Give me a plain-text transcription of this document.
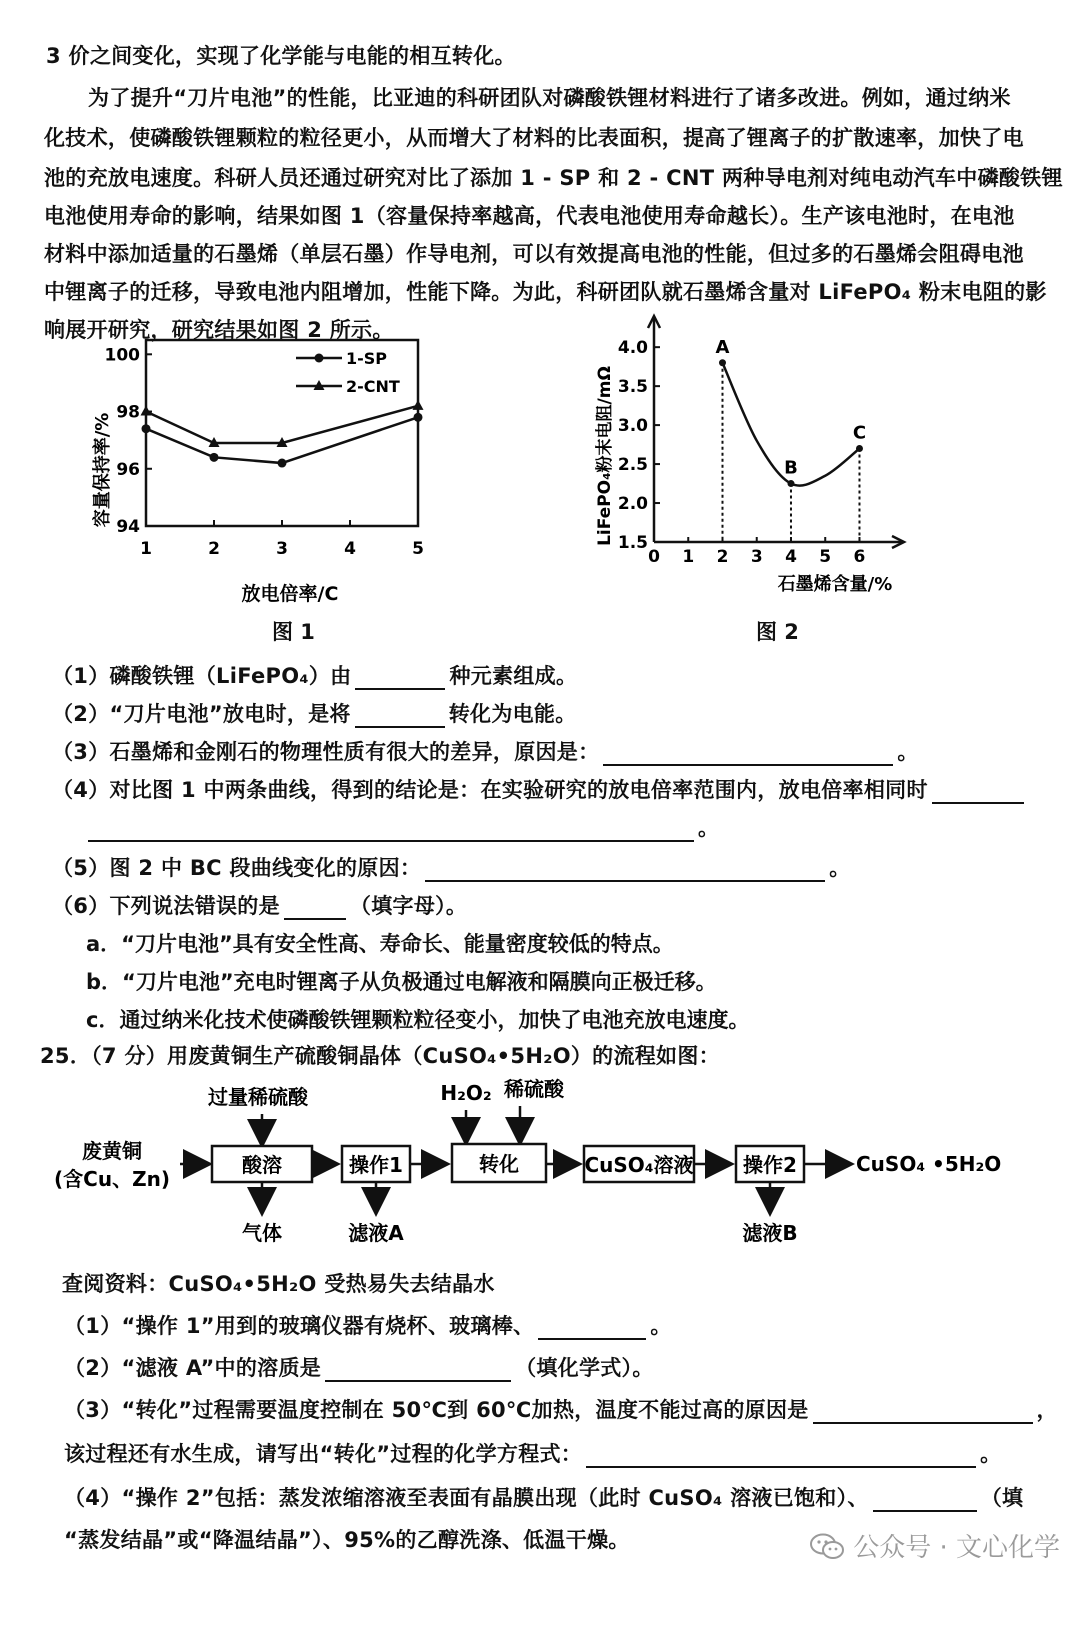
3 价之间变化，实现了化学能与电能的相互转化。
为了提升“刀片电池”的性能，比亚迪的科研团队对磷酸铁锂材料进行了诸多改进。例如，通过纳米
化技术，使磷酸铁锂颗粒的粒径更小，从而增大了材料的比表面积，提高了锂离子的扩散速率，加快了电
池的充放电速度。科研人员还通过研究对比了添加 1 - SP 和 2 - CNT 两种导电剂对纯电动汽车中磷酸铁锂
电池使用寿命的影响，结果如图 1（容量保持率越高，代表电池使用寿命越长）。生产该电池时，在电池
材料中添加适量的石墨烯（单层石墨）作导电剂，可以有效提高电池的性能，但过多的石墨烯会阻碍电池
中锂离子的迁移，导致电池内阻增加，性能下降。为此，科研团队就石墨烯含量对 LiFePO₄ 粉末电阻的影
响展开研究，研究结果如图 2 所示。
94
96
98
100
1	2	3	4	5
1-SP
2-CNT
容量保持率/%
放电倍率/C
图 1
1.5
2.0
2.5
3.0
3.5
4.0
0 1 2 3 4 5 6
A
B
C
LiFePO₄粉末电阻/mΩ
石墨烯含量/%
图 2
（1）磷酸铁锂（LiFePO₄）由	种元素组成。
（2）“刀片电池”放电时，是将	转化为电能。
（3）石墨烯和金刚石的物理性质有很大的差异，原因是：	。
（4）对比图 1 中两条曲线，得到的结论是：在实验研究的放电倍率范围内，放电倍率相同时
。
（5）图 2 中 BC 段曲线变化的原因：	。
（6）下列说法错误的是	（填字母）。
a．“刀片电池”具有安全性高、寿命长、能量密度较低的特点。
b．“刀片电池”充电时锂离子从负极通过电解液和隔膜向正极迁移。
c．通过纳米化技术使磷酸铁锂颗粒粒径变小，加快了电池充放电速度。
25．（7 分）用废黄铜生产硫酸铜晶体（CuSO₄•5H₂O）的流程如图：
废黄铜
(含Cu、Zn)
过量稀硫酸
酸溶
气体
操作1
滤液A
H₂O₂ 稀硫酸
转化	CuSO₄溶液 操作2
滤液B
CuSO₄ •5H₂O
查阅资料：CuSO₄•5H₂O 受热易失去结晶水
（1）“操作 1”用到的玻璃仪器有烧杯、玻璃棒、	。
（2）“滤液 A”中的溶质是	（填化学式）。
（3）“转化”过程需要温度控制在 50℃到 60℃加热，温度不能过高的原因是	，
该过程还有水生成，请写出“转化”过程的化学方程式：	。
（4）“操作 2”包括：蒸发浓缩溶液至表面有晶膜出现（此时 CuSO₄ 溶液已饱和）、	（填
“蒸发结晶”或“降温结晶”）、95%的乙醇洗涤、低温干燥。	公众号 · 文心化学
